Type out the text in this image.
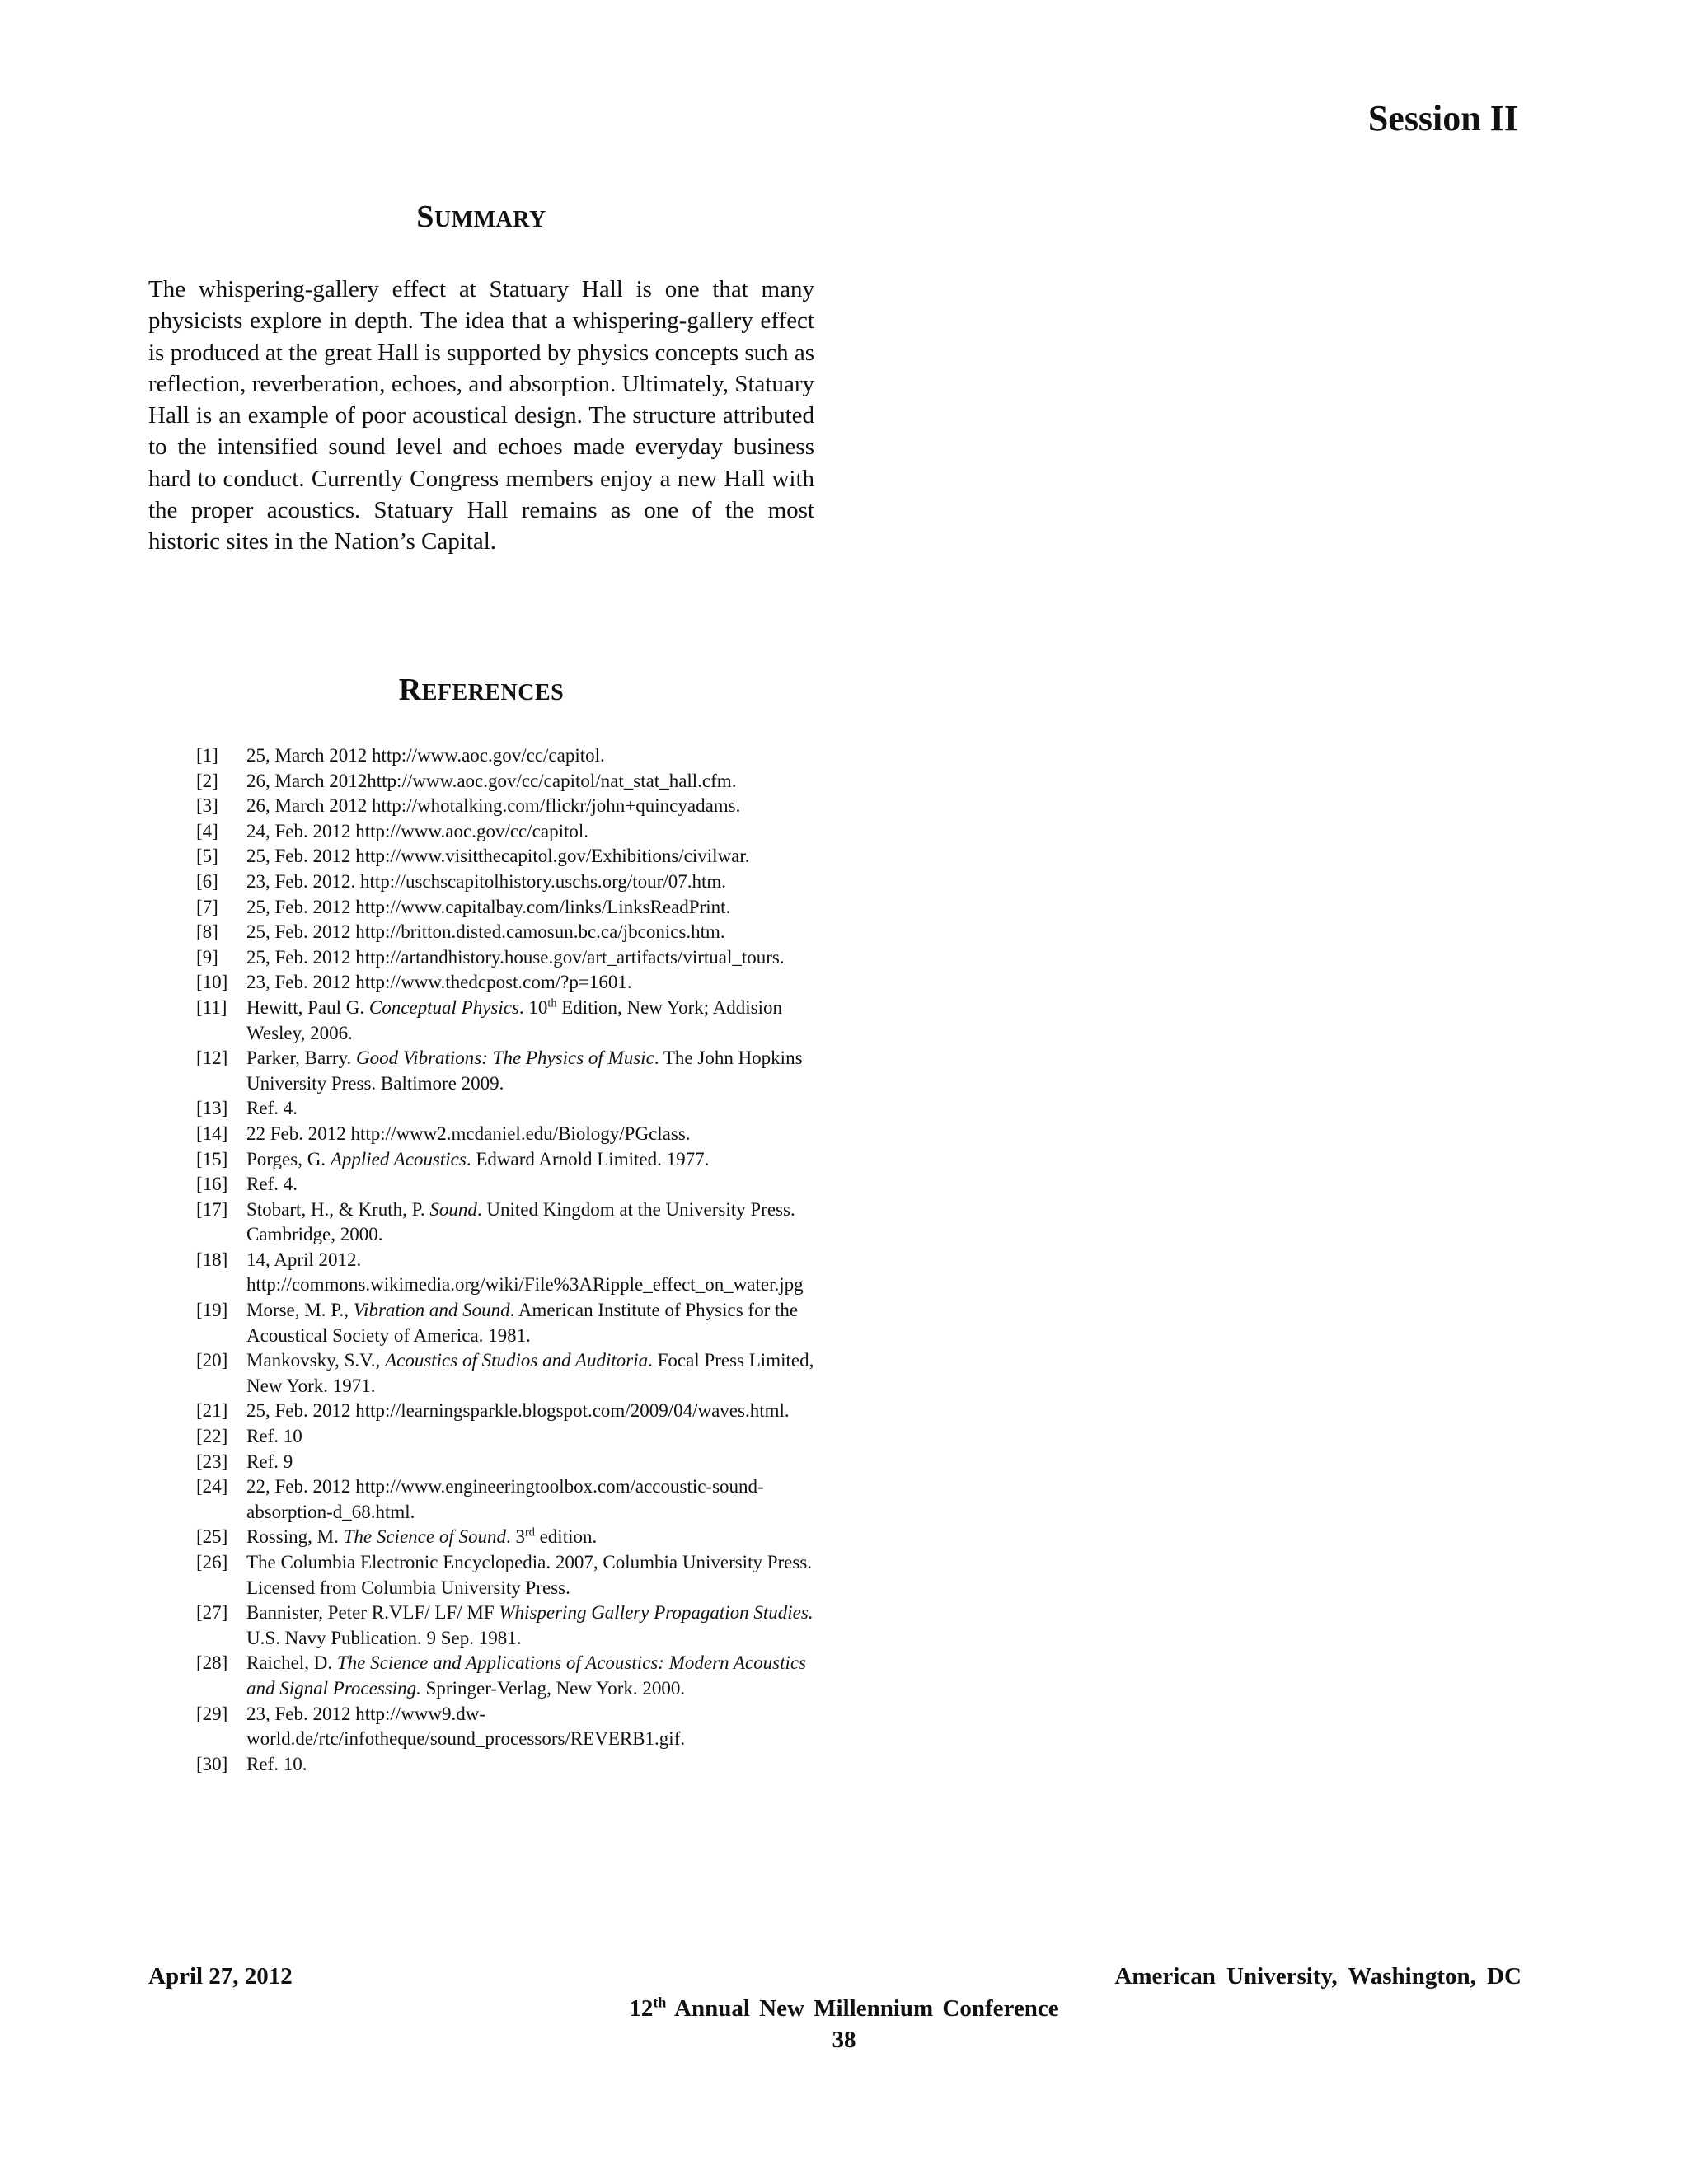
Session II
SUMMARY

The whispering-gallery effect at Statuary Hall is one that many physicists explore in depth. The idea that a whispering-gallery effect is produced at the great Hall is supported by physics concepts such as reflection, reverberation, echoes, and absorption. Ultimately, Statuary Hall is an example of poor acoustical design. The structure attributed to the intensified sound level and echoes made everyday business hard to conduct. Currently Congress members enjoy a new Hall with the proper acoustics. Statuary Hall remains as one of the most historic sites in the Nation’s Capital.

REFERENCES
[1]	25, March 2012 http://www.aoc.gov/cc/capitol.
[2]	26, March 2012http://www.aoc.gov/cc/capitol/nat_stat_hall.cfm.
[3]	26, March 2012 http://whotalking.com/flickr/john+quincyadams.
[4]	24, Feb. 2012 http://www.aoc.gov/cc/capitol.
[5]	25, Feb. 2012 http://www.visitthecapitol.gov/Exhibitions/civilwar.
[6]	23, Feb. 2012. http://uschscapitolhistory.uschs.org/tour/07.htm.
[7]	25, Feb. 2012 http://www.capitalbay.com/links/LinksReadPrint.
[8]	25, Feb. 2012 http://britton.disted.camosun.bc.ca/jbconics.htm.
[9]	25, Feb. 2012 http://artandhistory.house.gov/art_artifacts/virtual_tours.
[10] 23, Feb. 2012 http://www.thedcpost.com/?p=1601.
[11]	Hewitt, Paul G. Conceptual Physics. 10th Edition, New York; Addision Wesley, 2006.
[12] Parker, Barry. Good Vibrations: The Physics of Music. The John Hopkins University Press. Baltimore 2009.
[13] Ref. 4.
[14] 22 Feb. 2012 http://www2.mcdaniel.edu/Biology/PGclass.
[15] Porges, G. Applied Acoustics. Edward Arnold Limited. 1977.
[16] Ref. 4.
[17] Stobart, H., & Kruth, P. Sound. United Kingdom at the University Press. Cambridge, 2000.
[18] 14, April 2012. http://commons.wikimedia.org/wiki/File%3ARipple_effect_on_water.jpg
[19] Morse, M. P., Vibration and Sound. American Institute of Physics for the Acoustical Society of America. 1981.
[20] Mankovsky, S.V., Acoustics of Studios and Auditoria. Focal Press Limited, New York. 1971.
[21] 25, Feb. 2012 http://learningsparkle.blogspot.com/2009/04/waves.html.
[22] Ref. 10
[23] Ref. 9
[24] 22, Feb. 2012 http://www.engineeringtoolbox.com/accoustic-sound-absorption-d_68.html.
[25] Rossing, M. The Science of Sound. 3rd edition.
[26] The Columbia Electronic Encyclopedia. 2007, Columbia University Press. Licensed from Columbia University Press.
[27] Bannister, Peter R.VLF/ LF/ MF Whispering Gallery Propagation Studies. U.S. Navy Publication. 9 Sep. 1981.
[28] Raichel, D. The Science and Applications of Acoustics: Modern Acoustics and Signal Processing. Springer-Verlag, New York. 2000.
[29] 23, Feb. 2012 http://www9.dw-world.de/rtc/infotheque/sound_processors/REVERB1.gif.
[30] Ref. 10.
April 27, 2012	American University, Washington, DC
12th Annual New Millennium Conference
38
